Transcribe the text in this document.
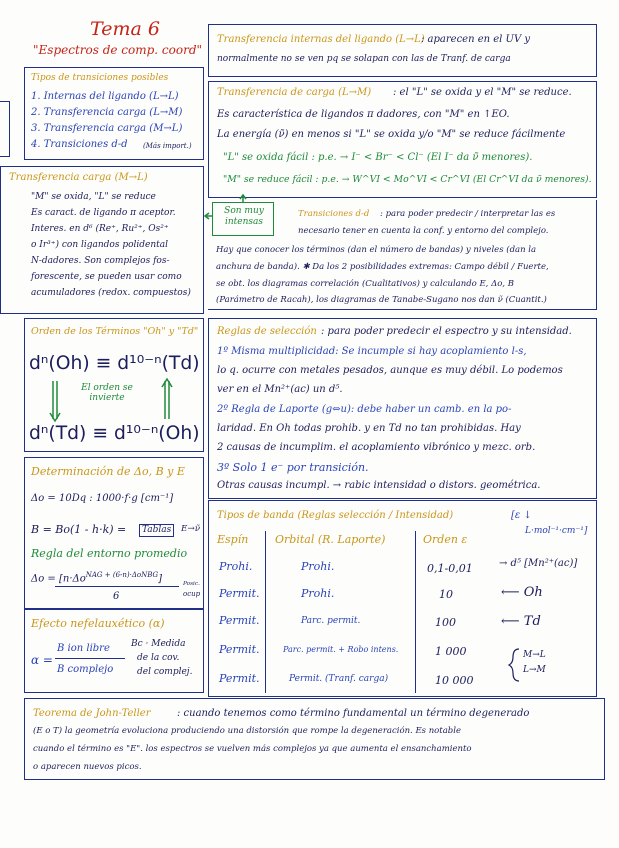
Tema 6
"Espectros de comp. coord"
Transferencia internas del ligando (L→L)
: aparecen en el UV y
normalmente no se ven pq se solapan con las de Tranf. de carga
Tipos de transiciones posibles
1. Internas del ligando (L→L)
2. Transferencia carga (L→M)
3. Transferencia carga (M→L)
4. Transiciones d-d (Más import.)
Transferencia de carga (L→M) : el "L" se oxida y el "M" se reduce.
Es característica de ligandos π dadores, con "M" en ↑EO.
La energía (ν̃) en menos si "L" se oxida y/o "M" se reduce fácilmente
"L" se oxida fácil : p.e. → I⁻ < Br⁻ < Cl⁻ (El I⁻ da ν̃ menores).
"M" se reduce fácil : p.e. → W^VI < Mo^VI < Cr^VI (El Cr^VI da ν̃ menores).
Transferencia carga (M→L)
"M" se oxida, "L" se reduce
Es caract. de ligando π aceptor.
Interes. en d⁶ (Re⁺, Ru²⁺, Os²⁺
o Ir³⁺) con ligandos polidental
N-dadores. Son complejos fos-
forescente, se pueden usar como
acumuladores (redox. compuestos)
Son muy intensas
Transiciones d-d : para poder predecir / interpretar las es
necesario tener en cuenta la conf. y entorno del complejo.
Hay que conocer los términos (dan el número de bandas) y niveles (dan la
anchura de banda). ✱ Da los 2 posibilidades extremas: Campo débil / Fuerte,
se obt. los diagramas correlación (Cualitativos) y calculando E, Δo, B
(Parámetro de Racah), los diagramas de Tanabe-Sugano nos dan ν̃ (Cuantit.)
Orden de los Términos "Oh" y "Td"
dⁿ(Oh) ≡ d¹⁰⁻ⁿ(Td)
El orden se invierte
dⁿ(Td) ≡ d¹⁰⁻ⁿ(Oh)
Reglas de selección : para poder predecir el espectro y su intensidad.
1º Misma multiplicidad: Se incumple si hay acoplamiento l-s,
lo q. ocurre con metales pesados, aunque es muy débil. Lo podemos
ver en el Mn²⁺(ac) un d⁵.
2º Regla de Laporte (g⇔u): debe haber un camb. en la po-
laridad. En Oh todas prohib. y en Td no tan prohibidas. Hay
2 causas de incumplim. el acoplamiento vibrónico y mezc. orb.
3º Solo 1 e⁻ por transición.
Otras causas incumpl. → rabic intensidad o distors. geométrica.
Determinación de Δo, B y E
Δo = 10Dq : 1000·f·g [cm⁻¹]
B = Bo(1 - h·k) =	Tablas	E→ν̃
Regla del entorno promedio
$\Delta o = [n\cdot\Delta o^{NAG + (6-n)\cdot\Delta oNBG}]$
6
Posic.
ocup
Efecto nefelauxético (α)
α =
B ion libre
B complejo
Bc · Medida
de la cov.
del complej.
Tipos de banda (Reglas selección / Intensidad)	[ε ↓
L·mol⁻¹·cm⁻¹]
Espín Orbital (R. Laporte)	Orden ε
Prohi.	Prohi.	0,1-0,01	→ d⁵ [Mn²⁺(ac)]
Permit.	Prohi.	10	⟵ Oh
Permit.	Parc. permit.	100	⟵ Td
Permit.	Parc. permit. + Robo intens.	1 000	M→L
Permit.	Permit. (Tranf. carga)	10 000
L→M
Teorema de John-Teller	: cuando tenemos como término fundamental un término degenerado
(E o T) la geometría evoluciona produciendo una distorsión que rompe la degeneración. Es notable
cuando el término es "E". los espectros se vuelven más complejos ya que aumenta el ensanchamiento
o aparecen nuevos picos.
